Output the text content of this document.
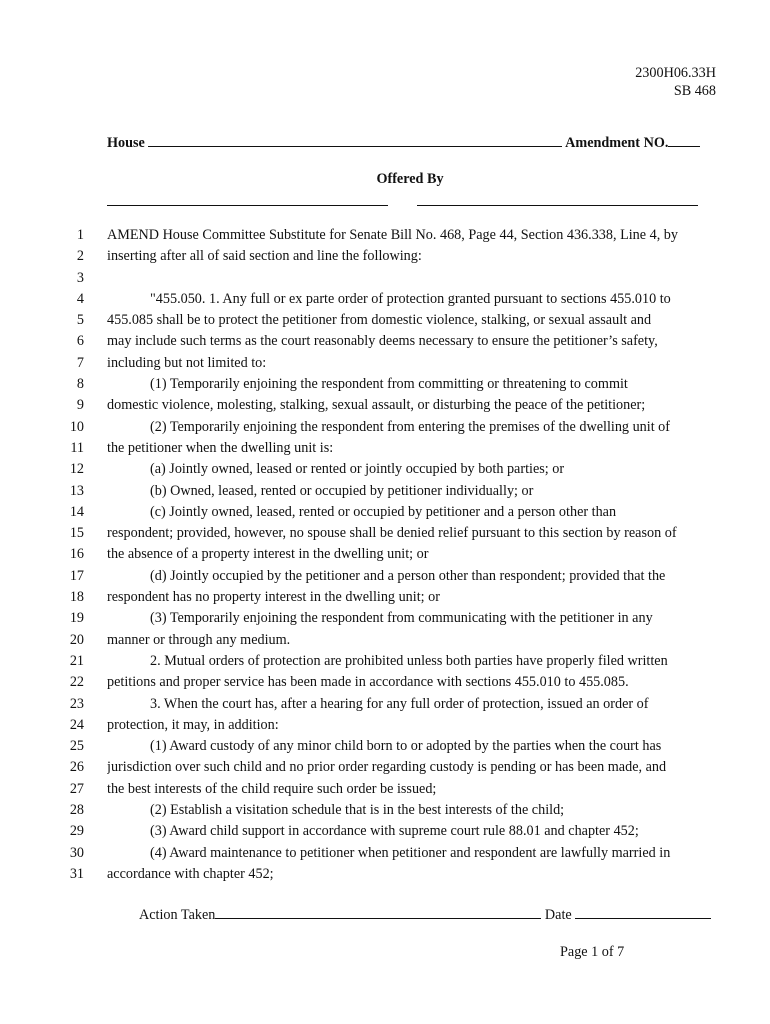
2300H06.33H
SB 468
House	Amendment NO.
Offered By
1 AMEND House Committee Substitute for Senate Bill No. 468, Page 44, Section 436.338, Line 4, by
2 inserting after all of said section and line the following:
3
4	"455.050. 1. Any full or ex parte order of protection granted pursuant to sections 455.010 to
5 455.085 shall be to protect the petitioner from domestic violence, stalking, or sexual assault and
6 may include such terms as the court reasonably deems necessary to ensure the petitioner’s safety,
7 including but not limited to:
8	(1) Temporarily enjoining the respondent from committing or threatening to commit
9 domestic violence, molesting, stalking, sexual assault, or disturbing the peace of the petitioner;
10	(2) Temporarily enjoining the respondent from entering the premises of the dwelling unit of
11 the petitioner when the dwelling unit is:
12	(a) Jointly owned, leased or rented or jointly occupied by both parties; or
13	(b) Owned, leased, rented or occupied by petitioner individually; or
14	(c) Jointly owned, leased, rented or occupied by petitioner and a person other than
15 respondent; provided, however, no spouse shall be denied relief pursuant to this section by reason of
16 the absence of a property interest in the dwelling unit; or
17	(d) Jointly occupied by the petitioner and a person other than respondent; provided that the
18 respondent has no property interest in the dwelling unit; or
19	(3) Temporarily enjoining the respondent from communicating with the petitioner in any
20 manner or through any medium.
21	2. Mutual orders of protection are prohibited unless both parties have properly filed written
22 petitions and proper service has been made in accordance with sections 455.010 to 455.085.
23	3. When the court has, after a hearing for any full order of protection, issued an order of
24 protection, it may, in addition:
25	(1) Award custody of any minor child born to or adopted by the parties when the court has
26 jurisdiction over such child and no prior order regarding custody is pending or has been made, and
27 the best interests of the child require such order be issued;
28	(2) Establish a visitation schedule that is in the best interests of the child;
29	(3) Award child support in accordance with supreme court rule 88.01 and chapter 452;
30	(4) Award maintenance to petitioner when petitioner and respondent are lawfully married in
31 accordance with chapter 452;
Action Taken	Date
Page 1 of 7
